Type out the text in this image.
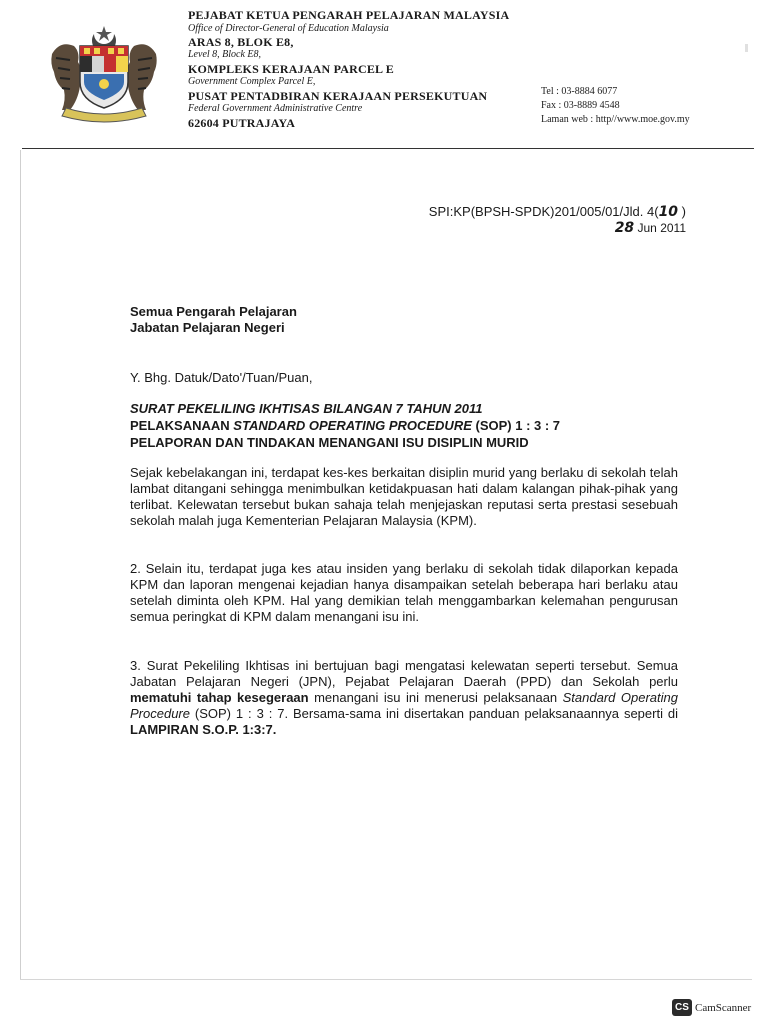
PEJABAT KETUA PENGARAH PELAJARAN MALAYSIA
Office of Director-General of Education Malaysia
ARAS 8, BLOK E8,
Level 8, Block E8,
KOMPLEKS KERAJAAN PARCEL E
Government Complex Parcel E,
PUSAT PENTADBIRAN KERAJAAN PERSEKUTUAN
Federal Government Administrative Centre
62604 PUTRAJAYA
Tel : 03-8884 6077
Fax : 03-8889 4548
Laman web : http//www.moe.gov.my
SPI:KP(BPSH-SPDK)201/005/01/Jld. 4(10 )
28 Jun 2011
Semua Pengarah Pelajaran
Jabatan Pelajaran Negeri
Y. Bhg. Datuk/Dato'/Tuan/Puan,
SURAT PEKELILING IKHTISAS BILANGAN 7 TAHUN 2011
PELAKSANAAN STANDARD OPERATING PROCEDURE (SOP) 1 : 3 : 7
PELAPORAN DAN TINDAKAN MENANGANI ISU DISIPLIN MURID
Sejak kebelakangan ini, terdapat kes-kes berkaitan disiplin murid yang berlaku di sekolah telah lambat ditangani sehingga menimbulkan ketidakpuasan hati dalam kalangan pihak-pihak yang terlibat. Kelewatan tersebut bukan sahaja telah menjejaskan reputasi serta prestasi sesebuah sekolah malah juga Kementerian Pelajaran Malaysia (KPM).
2. Selain itu, terdapat juga kes atau insiden yang berlaku di sekolah tidak dilaporkan kepada KPM dan laporan mengenai kejadian hanya disampaikan setelah beberapa hari berlaku atau setelah diminta oleh KPM. Hal yang demikian telah menggambarkan kelemahan pengurusan semua peringkat di KPM dalam menangani isu ini.
3. Surat Pekeliling Ikhtisas ini bertujuan bagi mengatasi kelewatan seperti tersebut. Semua Jabatan Pelajaran Negeri (JPN), Pejabat Pelajaran Daerah (PPD) dan Sekolah perlu mematuhi tahap kesegeraan menangani isu ini menerusi pelaksanaan Standard Operating Procedure (SOP) 1 : 3 : 7. Bersama-sama ini disertakan panduan pelaksanaannya seperti di LAMPIRAN S.O.P. 1:3:7.
CS CamScanner
